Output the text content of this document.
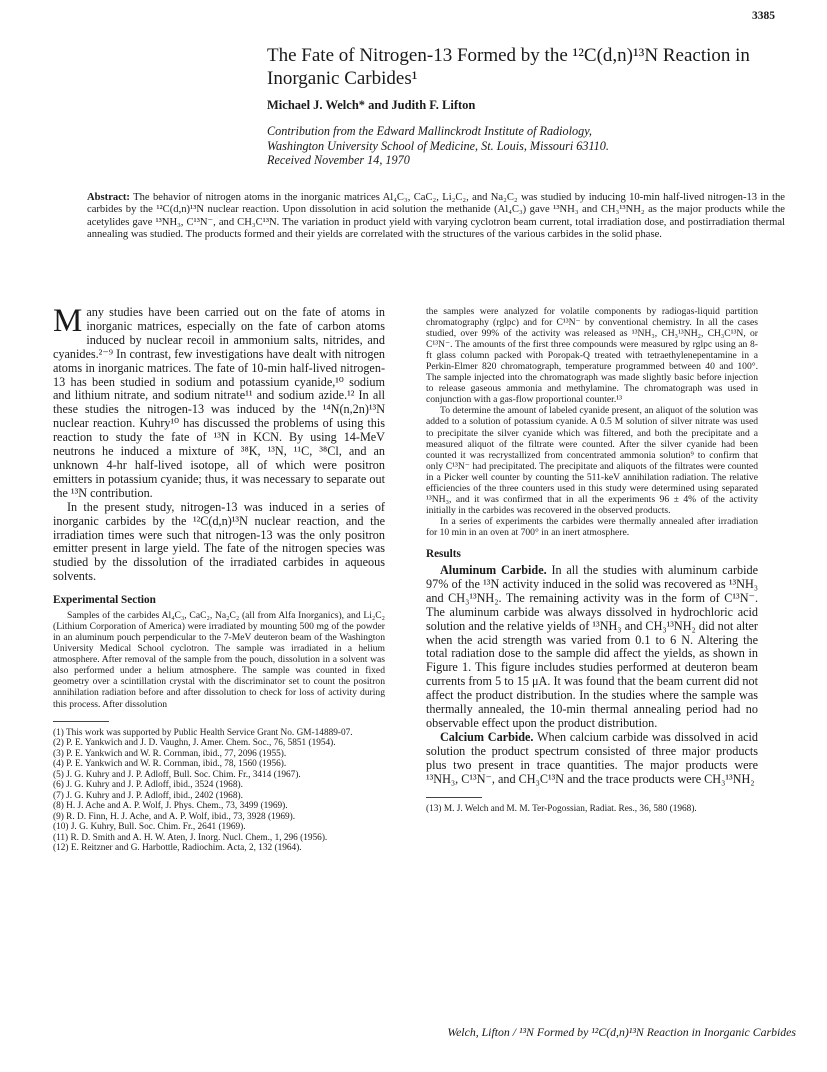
3385
The Fate of Nitrogen-13 Formed by the ¹²C(d,n)¹³N Reaction in Inorganic Carbides¹
Michael J. Welch* and Judith F. Lifton
Contribution from the Edward Mallinckrodt Institute of Radiology,
Washington University School of Medicine, St. Louis, Missouri 63110.
Received November 14, 1970
Abstract: The behavior of nitrogen atoms in the inorganic matrices Al₄C₃, CaC₂, Li₂C₂, and Na₂C₂ was studied by inducing 10-min half-lived nitrogen-13 in the carbides by the ¹²C(d,n)¹³N nuclear reaction. Upon dissolution in acid solution the methanide (Al₄C₃) gave ¹³NH₃ and CH₃¹³NH₂ as the major products while the acetylides gave ¹³NH₃, C¹³N⁻, and CH₃C¹³N. The variation in product yield with varying cyclotron beam current, total irradiation dose, and postirradiation thermal annealing was studied. The products formed and their yields are correlated with the structures of the various carbides in the solid phase.

Many studies have been carried out on the fate of atoms in inorganic matrices, especially on the fate of carbon atoms induced by nuclear recoil in ammonium salts, nitrides, and cyanides.²⁻⁹ In contrast, few investigations have dealt with nitrogen atoms in inorganic matrices. The fate of 10-min half-lived nitrogen-13 has been studied in sodium and potassium cyanide,¹⁰ sodium and lithium nitrate, and sodium nitrate¹¹ and sodium azide.¹² In all these studies the nitrogen-13 was induced by the ¹⁴N(n,2n)¹³N nuclear reaction. Kuhry¹⁰ has discussed the problems of using this reaction to study the fate of ¹³N in KCN. By using 14-MeV neutrons he induced a mixture of ³⁸K, ¹³N, ¹¹C, ³⁸Cl, and an unknown 4-hr half-lived isotope, all of which were positron emitters in potassium cyanide; thus, it was necessary to separate out the ¹³N contribution.

In the present study, nitrogen-13 was induced in a series of inorganic carbides by the ¹²C(d,n)¹³N nuclear reaction, and the irradiation times were such that nitrogen-13 was the only positron emitter present in large yield. The fate of the nitrogen species was studied by the dissolution of the irradiated carbides in aqueous solvents.

Experimental Section

Samples of the carbides Al₄C₃, CaC₂, Na₂C₂ (all from Alfa Inorganics), and Li₂C₂ (Lithium Corporation of America) were irradiated by mounting 500 mg of the powder in an aluminum pouch perpendicular to the 7-MeV deuteron beam of the Washington University Medical School cyclotron. The sample was irradiated in a helium atmosphere. After removal of the sample from the pouch, dissolution in a solvent was also performed under a helium atmosphere. The sample was counted in fixed geometry over a scintillation crystal with the discriminator set to count the positron annihilation radiation before and after dissolution to check for loss of activity during this process. After dissolution

(1) This work was supported by Public Health Service Grant No. GM-14889-07.
(2) P. E. Yankwich and J. D. Vaughn, J. Amer. Chem. Soc., 76, 5851 (1954).
(3) P. E. Yankwich and W. R. Cornman, ibid., 77, 2096 (1955).
(4) P. E. Yankwich and W. R. Cornman, ibid., 78, 1560 (1956).
(5) J. G. Kuhry and J. P. Adloff, Bull. Soc. Chim. Fr., 3414 (1967).
(6) J. G. Kuhry and J. P. Adloff, ibid., 3524 (1968).
(7) J. G. Kuhry and J. P. Adloff, ibid., 2402 (1968).
(8) H. J. Ache and A. P. Wolf, J. Phys. Chem., 73, 3499 (1969).
(9) R. D. Finn, H. J. Ache, and A. P. Wolf, ibid., 73, 3928 (1969).
(10) J. G. Kuhry, Bull. Soc. Chim. Fr., 2641 (1969).
(11) R. D. Smith and A. H. W. Aten, J. Inorg. Nucl. Chem., 1, 296 (1956).
(12) E. Reitzner and G. Harbottle, Radiochim. Acta, 2, 132 (1964).

the samples were analyzed for volatile components by radiogas-liquid partition chromatography (rglpc) and for C¹³N⁻ by conventional chemistry. In all the cases studied, over 99% of the activity was released as ¹³NH₃, CH₃¹³NH₂, CH₃C¹³N, or C¹³N⁻. The amounts of the first three compounds were measured by rglpc using an 8-ft glass column packed with Poropak-Q treated with tetraethylenepentamine in a Perkin-Elmer 820 chromatograph, temperature programmed between 40 and 100°. The sample injected into the chromatograph was made slightly basic before injection to release gaseous ammonia and methylamine. The chromatograph was used in conjunction with a gas-flow proportional counter.¹³

To determine the amount of labeled cyanide present, an aliquot of the solution was added to a solution of potassium cyanide. A 0.5 M solution of silver nitrate was used to precipitate the silver cyanide which was filtered, and both the precipitate and a measured aliquot of the filtrate were counted. After the silver cyanide had been counted it was recrystallized from concentrated ammonia solution⁹ to confirm that only C¹³N⁻ had precipitated. The precipitate and aliquots of the filtrates were counted in a Picker well counter by counting the 511-keV annihilation radiation. The relative efficiencies of the three counters used in this study were determined using separated ¹³NH₃, and it was confirmed that in all the experiments 96 ± 4% of the activity initially in the carbides was recovered in the observed products.

In a series of experiments the carbides were thermally annealed after irradiation for 10 min in an oven at 700° in an inert atmosphere.

Results

Aluminum Carbide. In all the studies with aluminum carbide 97% of the ¹³N activity induced in the solid was recovered as ¹³NH₃ and CH₃¹³NH₂. The remaining activity was in the form of C¹³N⁻. The aluminum carbide was always dissolved in hydrochloric acid solution and the relative yields of ¹³NH₃ and CH₃¹³NH₂ did not alter when the acid strength was varied from 0.1 to 6 N. Altering the total radiation dose to the sample did affect the yields, as shown in Figure 1. This figure includes studies performed at deuteron beam currents from 5 to 15 μA. It was found that the beam current did not affect the product distribution. In the studies where the sample was thermally annealed, the 10-min thermal annealing period had no observable effect upon the product distribution.

Calcium Carbide. When calcium carbide was dissolved in acid solution the product spectrum consisted of three major products plus two present in trace quantities. The major products were ¹³NH₃, C¹³N⁻, and CH₃C¹³N and the trace products were CH₃¹³NH₂

(13) M. J. Welch and M. M. Ter-Pogossian, Radiat. Res., 36, 580 (1968).
Welch, Lifton / ¹³N Formed by ¹²C(d,n)¹³N Reaction in Inorganic Carbides
